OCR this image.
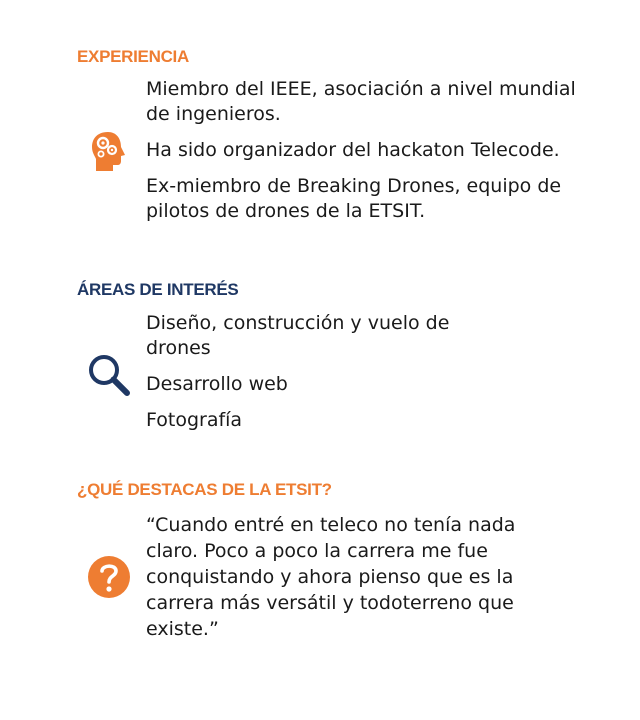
EXPERIENCIA
Miembro del IEEE, asociación a nivel mundial de ingenieros.
Ha sido organizador del hackaton Telecode.
Ex-miembro de Breaking Drones, equipo de pilotos de drones de la ETSIT.
ÁREAS DE INTERÉS
Diseño, construcción y vuelo de drones
Desarrollo web
Fotografía
¿QUÉ DESTACAS DE LA ETSIT?
“Cuando entré en teleco no tenía nada claro. Poco a poco la carrera me fue conquistando y ahora pienso que es la carrera más versátil y todoterreno que existe.”
